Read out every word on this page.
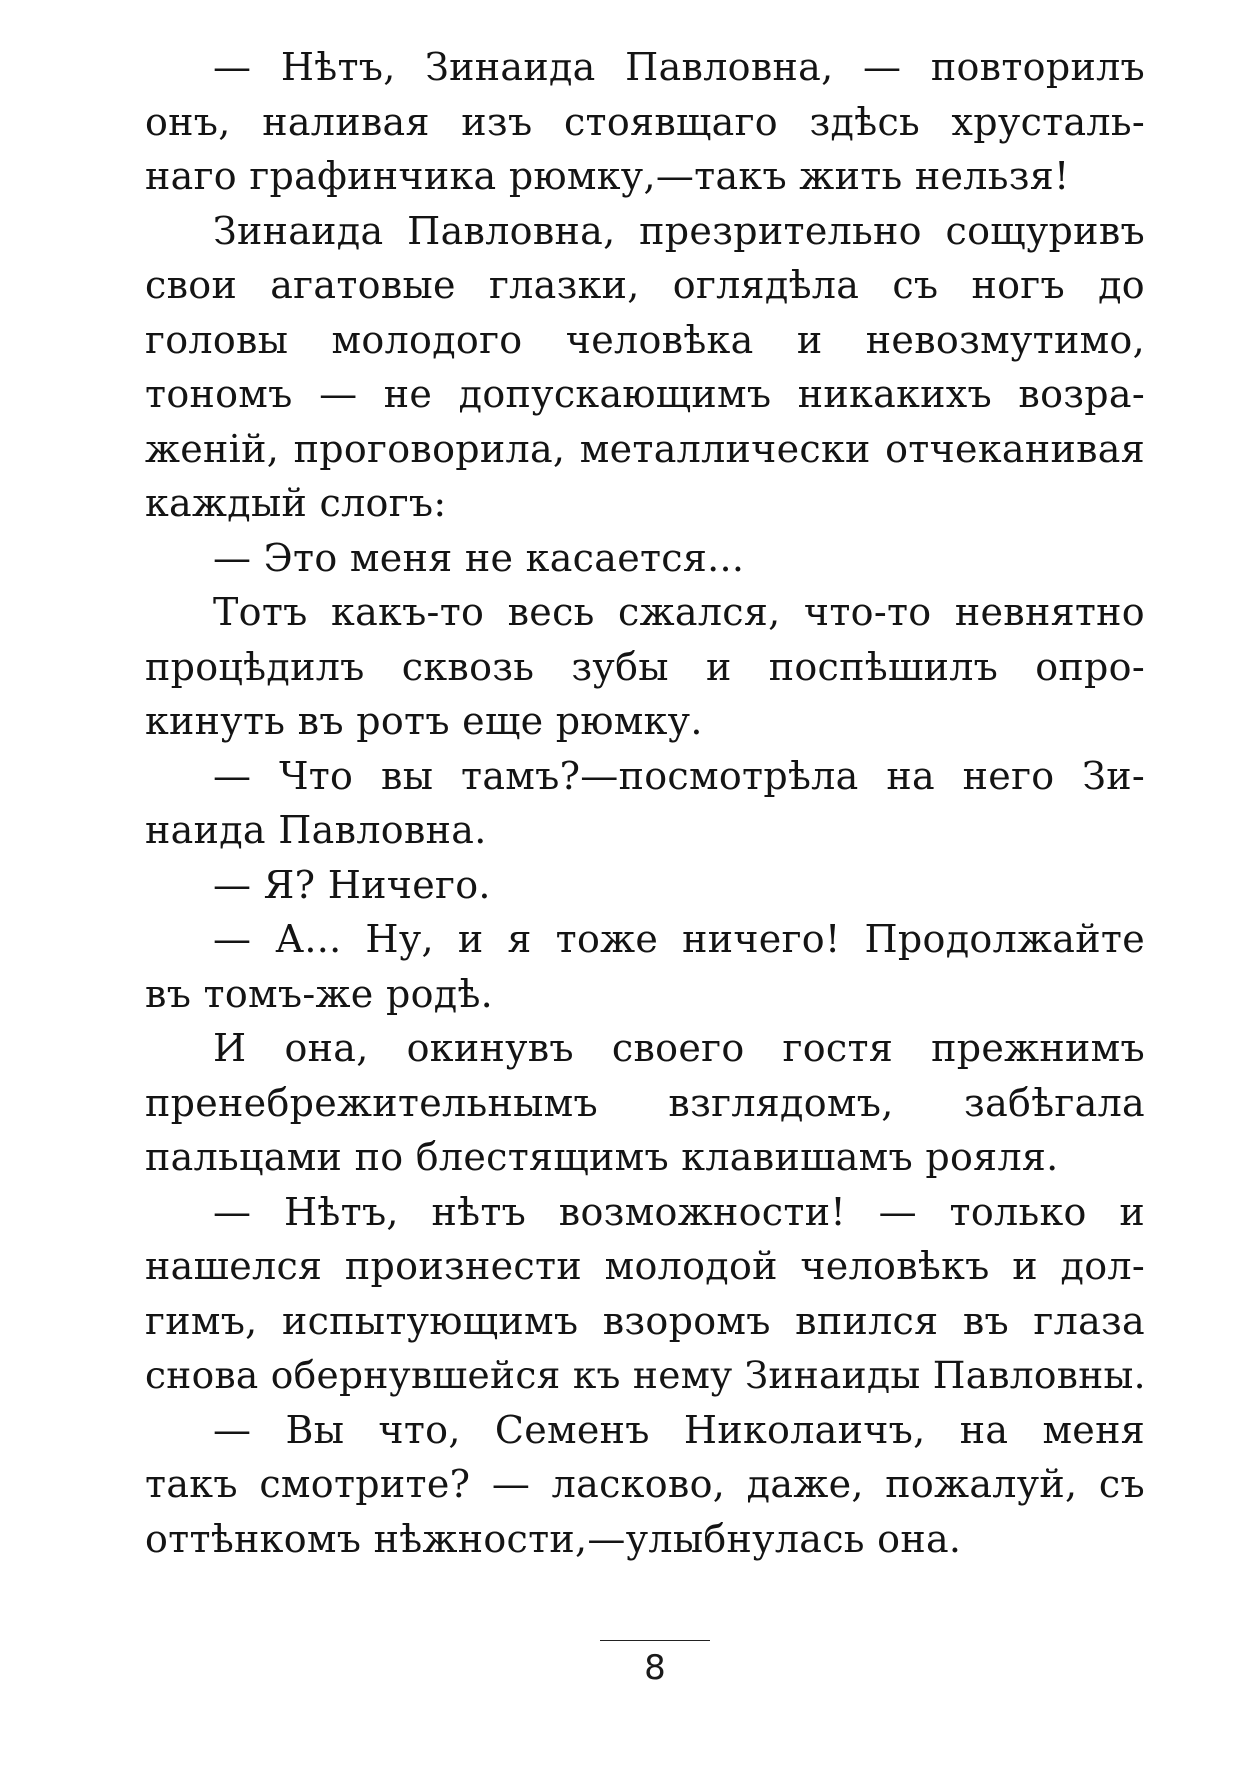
— Нѣтъ, Зинаида Павловна, — повторилъ
онъ, наливая изъ стоявщаго здѣсь хрусталь-
наго графинчика рюмку,—такъ жить нельзя!
Зинаида Павловна, презрительно сощуривъ
свои агатовые глазки, оглядѣла съ ногъ до
головы молодого человѣка и невозмутимо,
тономъ — не допускающимъ никакихъ возра-
женій, проговорила, металлически отчеканивая
каждый слогъ:
— Это меня не касается...
Тотъ какъ-то весь сжался, что-то невнятно
процѣдилъ сквозь зубы и поспѣшилъ опро-
кинуть въ ротъ еще рюмку.
— Что вы тамъ?—посмотрѣла на него Зи-
наида Павловна.
— Я? Ничего.
— А... Ну, и я тоже ничего! Продолжайте
въ томъ-же родѣ.
И она, окинувъ своего гостя прежнимъ
пренебрежительнымъ взглядомъ, забѣгала
пальцами по блестящимъ клавишамъ рояля.
— Нѣтъ, нѣтъ возможности! — только и
нашелся произнести молодой человѣкъ и дол-
гимъ, испытующимъ взоромъ впился въ глаза
снова обернувшейся къ нему Зинаиды Павловны.
— Вы что, Семенъ Николаичъ, на меня
такъ смотрите? — ласково, даже, пожалуй, съ
оттѣнкомъ нѣжности,—улыбнулась она.
8
